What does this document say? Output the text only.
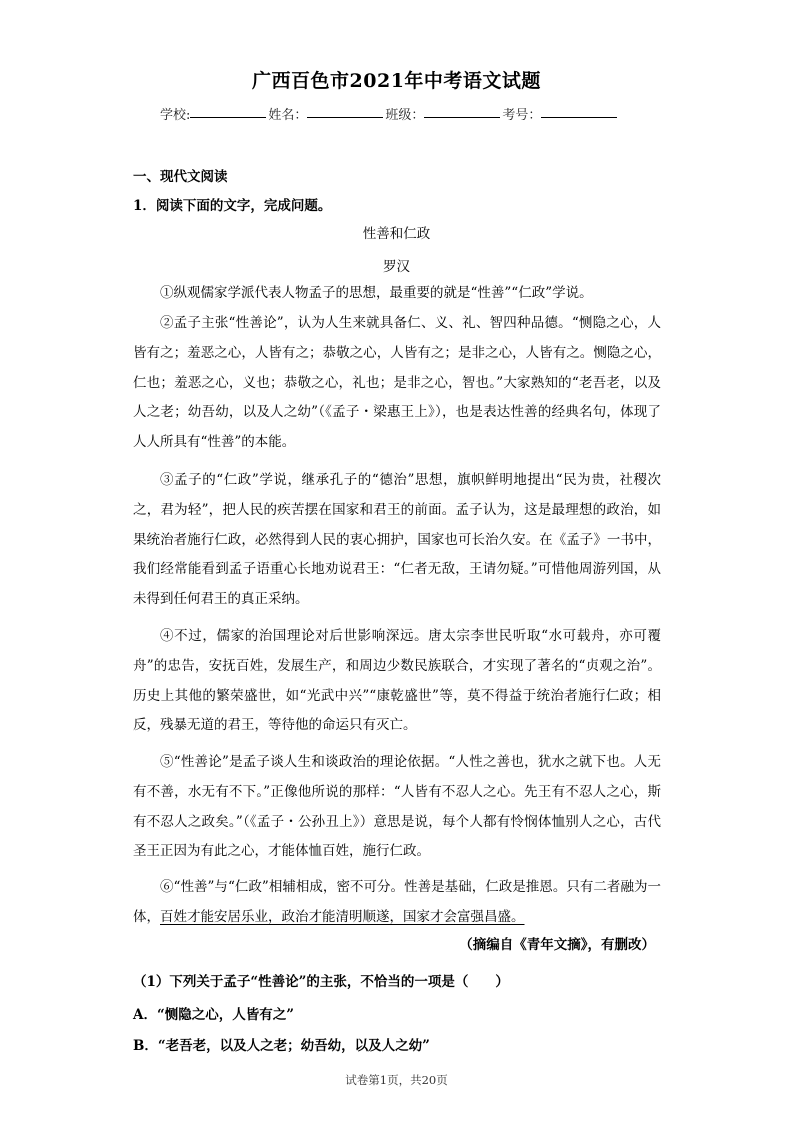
广西百色市2021年中考语文试题
学校:	姓名：	班级：	考号：
一、现代文阅读
1．阅读下面的文字，完成问题。
性善和仁政
罗汉

①纵观儒家学派代表人物孟子的思想，最重要的就是“性善”“仁政”学说。

②孟子主张“性善论”，认为人生来就具备仁、义、礼、智四种品德。“恻隐之心，人皆有之；羞恶之心，人皆有之；恭敬之心，人皆有之；是非之心，人皆有之。恻隐之心，仁也；羞恶之心，义也；恭敬之心，礼也；是非之心，智也。”大家熟知的“老吾老，以及人之老；幼吾幼，以及人之幼”（《孟子・梁惠王上》），也是表达性善的经典名句，体现了人人所具有“性善”的本能。

③孟子的“仁政”学说，继承孔子的“德治”思想，旗帜鲜明地提出“民为贵，社稷次之，君为轻”，把人民的疾苦摆在国家和君王的前面。孟子认为，这是最理想的政治，如果统治者施行仁政，必然得到人民的衷心拥护，国家也可长治久安。在《孟子》一书中，我们经常能看到孟子语重心长地劝说君王：“仁者无敌，王请勿疑。”可惜他周游列国，从未得到任何君王的真正采纳。

④不过，儒家的治国理论对后世影响深远。唐太宗李世民听取“水可载舟，亦可覆舟”的忠告，安抚百姓，发展生产，和周边少数民族联合，才实现了著名的“贞观之治”。历史上其他的繁荣盛世，如“光武中兴”“康乾盛世”等，莫不得益于统治者施行仁政；相反，残暴无道的君王，等待他的命运只有灭亡。

⑤“性善论”是孟子谈人生和谈政治的理论依据。“人性之善也，犹水之就下也。人无有不善，水无有不下。”正像他所说的那样：“人皆有不忍人之心。先王有不忍人之心，斯有不忍人之政矣。”（《孟子・公孙丑上》）意思是说，每个人都有怜悯体恤别人之心，古代圣王正因为有此之心，才能体恤百姓，施行仁政。

⑥“性善”与“仁政”相辅相成，密不可分。性善是基础，仁政是推恩。只有二者融为一体，百姓才能安居乐业，政治才能清明顺遂，国家才会富强昌盛。

（摘编自《青年文摘》，有删改）
（1）下列关于孟子“性善论”的主张，不恰当的一项是（　　）
A．“恻隐之心，人皆有之”
B．“老吾老，以及人之老；幼吾幼，以及人之幼”
试卷第1页，共20页
